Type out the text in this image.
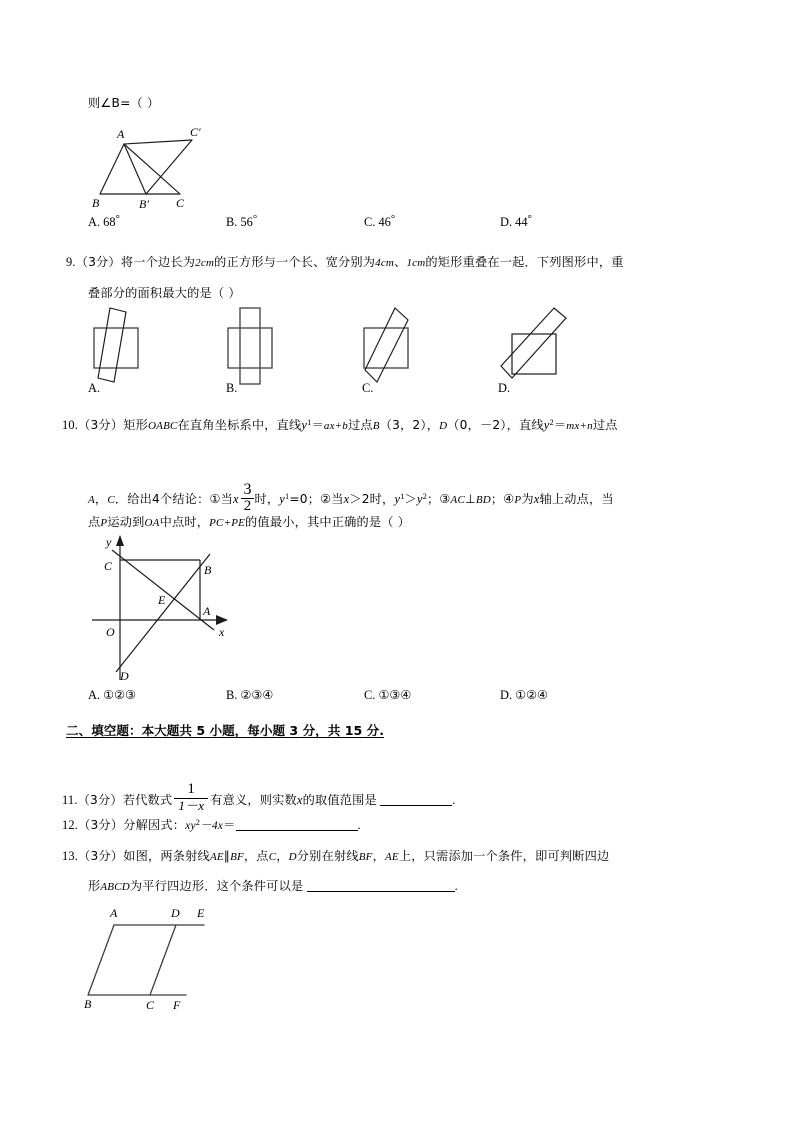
则∠B=（ ）
A	C′
B	B′ C
A. 68°	B. 56°	C. 46°	D. 44°
9.（3分）将一个边长为2cm的正方形与一个长、宽分别为4cm、1cm的矩形重叠在一起．下列图形中，重
叠部分的面积最大的是（ ）
A.	B.	C.	D.
10.（3分）矩形OABC在直角坐标系中，直线$y^1=ax+b$过点B（3，2），D（0，－2），直线$y^2=mx+n$过点
A，C．给出4个结论：①当x $\frac{3}{2}$ 时，$y^1=0$；②当x＞2时，$y^1>y^2$；③AC⊥BD；④P为x轴上动点，当
点P运动到OA中点时，PC+PE的值最小，其中正确的是（ ）
y
C	B
E
A
O	x
D
A. ①②③	B. ②③④	C. ①③④	D. ①②④
二、填空题：本大题共 5 小题，每小题 3 分，共 15 分.
11.（3分）若代数式 $\frac{1}{1-x}$ 有意义，则实数x的取值范围是	.
12.（3分）分解因式：$xy^2-4x=$	.
13.（3分）如图，两条射线AE∥BF，点C，D分别在射线BF，AE上，只需添加一个条件，即可判断四边
形ABCD为平行四边形．这个条件可以是	.
A	D E
B	C F
